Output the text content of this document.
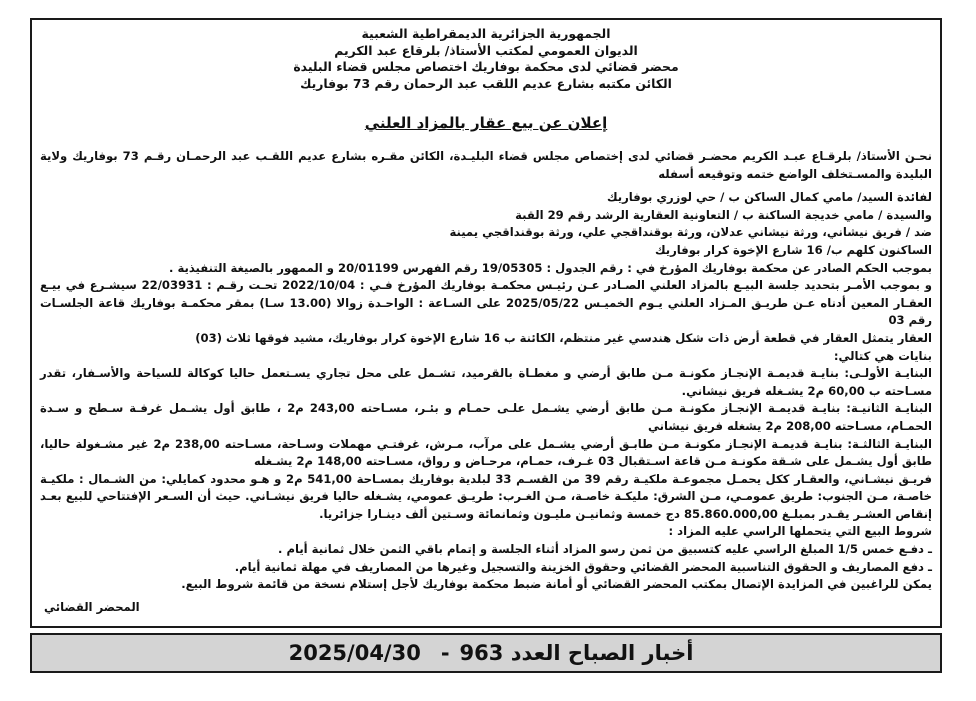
الجمهورية الجزائرية الديمقراطية الشعبية
الديوان العمومي لمكتب الأستاذ/ بلرقاع عبد الكريم
محضر قضائي لدى محكمة بوفاريك اختصاص مجلس قضاء البليدة
الكائن مكتبه بشارع عديم اللقب عبد الرحمان رقم 73 بوفاريك
إعلان عن بيع عقار بالمزاد العلني

نحـن الأستاذ/ بلرقـاع عبـد الكريم محضـر قضائي لدى إختصاص مجلس قضاء البليـدة، الكائن مقـره بشارع عديم اللقـب عبد الرحمـان رقـم 73 بوفاريك ولاية البليدة والمسـتخلف الواضع ختمه وتوقيعه أسفله

لفائدة السيد/ مامي كمال الساكن ب / حي لوزري بوفاريك

والسيدة / مامي خديجة الساكنة ب / التعاونية العقارية الرشد رقم 29 القبة

ضد / فريق نيشاني، ورثة نيشاني عدلان، ورثة بوقنداقجي علي، ورثة بوقنداقجي يمينة

الساكنون كلهم ب/ 16 شارع الإخوة كرار بوفاريك

بموجب الحكم الصادر عن محكمة بوفاريك المؤرخ في : رقم الجدول : 19/05305 رقم الفهرس 20/01199 و الممهور بالصيغة التنفيذية .

و بموجب الأمـر بتحديد جلسة البيـع بالمزاد العلني الصـادر عـن رئيـس محكمـة بوفاريك المؤرخ فـي : 2022/10/04 تحـت رقـم : 22/03931 سيشـرع في بيـع العقـار المعين أدناه عـن طريـق المـزاد العلني يـوم الخميـس 2025/05/22 على السـاعة : الواحـدة زوالا (13.00 سـا) بمقر محكمـة بوفاريك قاعة الجلسـات رقم 03

العقار يتمثل العقار في قطعة أرض ذات شكل هندسي غير منتظم، الكائنة ب 16 شارع الإخوة كرار بوفاريك، مشيد فوقها ثلاث (03)

بنايات هي كتالي:

البنايـة الأولـى: بنايـة قديمـة الإنجـاز مكونـة مـن طابق أرضي و مغطـاة بالقرميد، تشـمل على محل تجاري يسـتعمل حاليا كوكالة للسياحة والأسـفار، تقدر مسـاحته ب 60,00 م2 يشـغله فريق نيشاني.

البنايـة الثانيـة: بنايـة قديمـة الإنجـاز مكونـة مـن طابق أرضي يشـمل علـى حمـام و بئـر، مسـاحته 243,00 م2 ، طابق أول يشـمل غرفـة سـطح و سـدة الحمـام، مسـاحته 208,00 م2 يشغله فريق نيشاني

البنايـة الثالثـة: بنايـة قديمـة الإنجـاز مكونـة مـن طابـق أرضي يشـمل على مرآب، مـرش، غرفتـي مهملات وسـاحة، مسـاحته 238,00 م2 غير مشـغولة حاليا، طابق أول يشـمل على شـقة مكونـة مـن قاعة اسـتقبال 03 غـرف، حمـام، مرحـاض و رواق، مسـاحته 148,00 م2 يشـغله

فريـق نيشـاني، والعقـار ككل يحمـل مجموعـة ملكيـة رقم 39 من القسـم 33 لبلدية بوفاريك بمسـاحة 541,00 م2 و هـو محدود كمايلي: من الشـمال : ملكيـة خاصـة، مـن الجنوب: طريق عمومـي، مـن الشرق: مليكـة خاصـة، مـن الغـرب: طريـق عمومي، يشـغله حاليا فريق نيشـاني. حيث أن السـعر الإفتتاحي للبيع بعـد إنقاص العشـر يقـدر بمبلـغ 85.860.000,00 دج خمسة وثمانيـن مليـون وثمانمائة وسـتين ألف دينـارا جزائريا.

شروط البيع التي يتحملها الراسي عليه المزاد :

ـ دفـع خمس 1/5 المبلغ الراسي عليه كتسبيق من ثمن رسو المزاد أثناء الجلسة و إتمام باقي الثمن خلال ثمانية أيام .

ـ دفع المصاريف و الحقوق التناسبية المحضر القضائي وحقوق الخزينة والتسجيل وغيرها من المصاريف في مهلة ثمانية أيام.

يمكن للراغبين في المزايدة الإتصال بمكتب المحضر القضائي أو أمانة ضبط محكمة بوفاريك لأجل إستلام نسخة من قائمة شروط البيع.

المحضر القضائي
أخبار الصباح العدد 963
-
2025/04/30
